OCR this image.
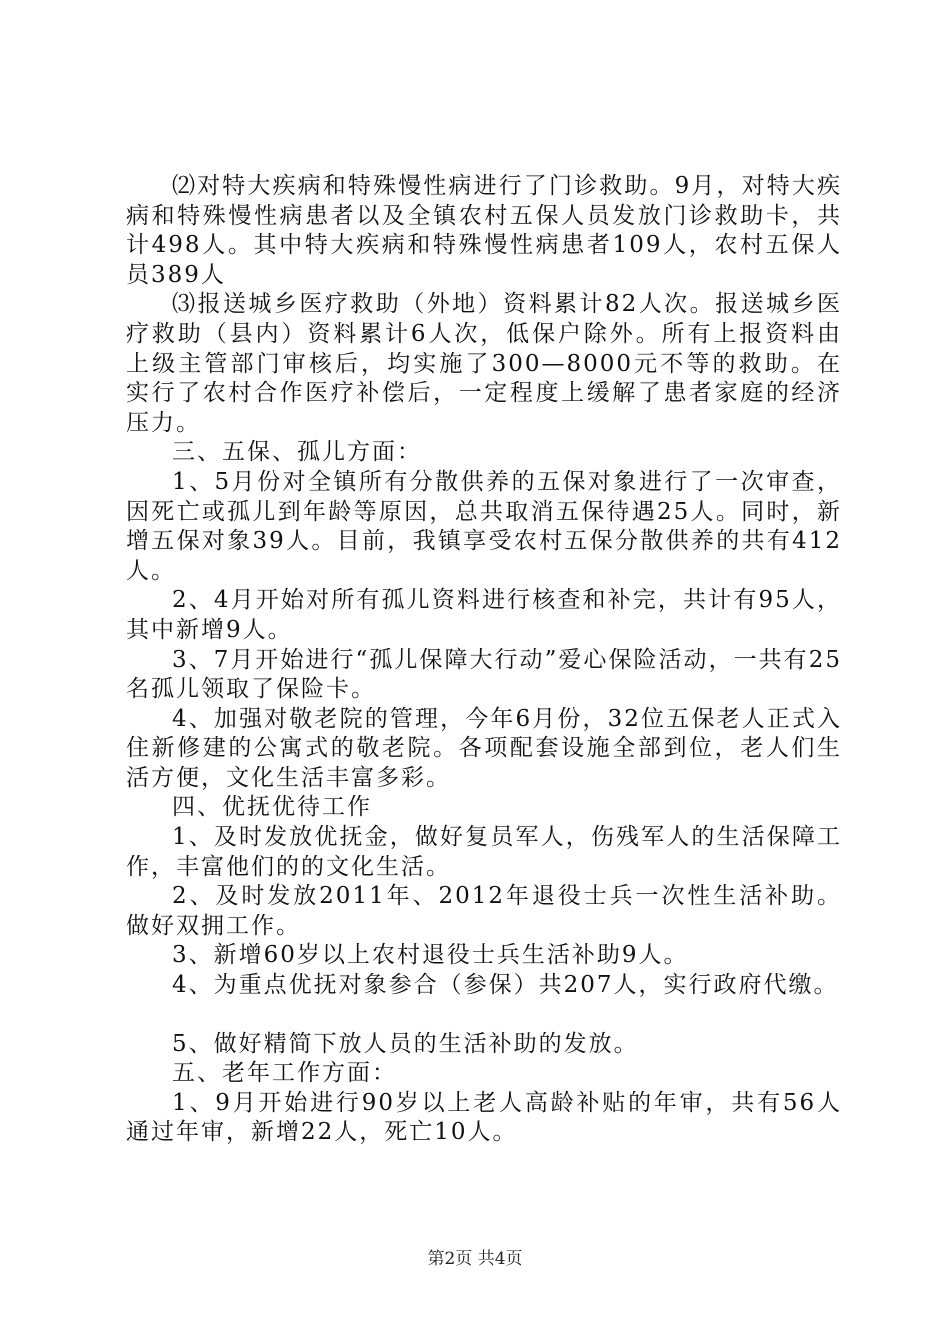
⑵对特大疾病和特殊慢性病进行了门诊救助。9月，对特大疾病和特殊慢性病患者以及全镇农村五保人员发放门诊救助卡，共计498人。其中特大疾病和特殊慢性病患者109人，农村五保人员389人

⑶报送城乡医疗救助（外地）资料累计82人次。报送城乡医疗救助（县内）资料累计6人次，低保户除外。所有上报资料由上级主管部门审核后，均实施了300—8000元不等的救助。在实行了农村合作医疗补偿后，一定程度上缓解了患者家庭的经济压力。

三、五保、孤儿方面：

1、5月份对全镇所有分散供养的五保对象进行了一次审查，因死亡或孤儿到年龄等原因，总共取消五保待遇25人。同时，新增五保对象39人。目前，我镇享受农村五保分散供养的共有412人。

2、4月开始对所有孤儿资料进行核查和补完，共计有95人，其中新增9人。

3、7月开始进行“孤儿保障大行动”爱心保险活动，一共有25名孤儿领取了保险卡。

4、加强对敬老院的管理，今年6月份，32位五保老人正式入住新修建的公寓式的敬老院。各项配套设施全部到位，老人们生活方便，文化生活丰富多彩。

四、优抚优待工作

1、及时发放优抚金，做好复员军人，伤残军人的生活保障工作，丰富他们的的文化生活。

2、及时发放2011年、2012年退役士兵一次性生活补助。做好双拥工作。

3、新增60岁以上农村退役士兵生活补助9人。

4、为重点优抚对象参合（参保）共207人，实行政府代缴。

5、做好精简下放人员的生活补助的发放。

五、老年工作方面：

1、9月开始进行90岁以上老人高龄补贴的年审，共有56人通过年审，新增22人，死亡10人。

第2页 共4页
